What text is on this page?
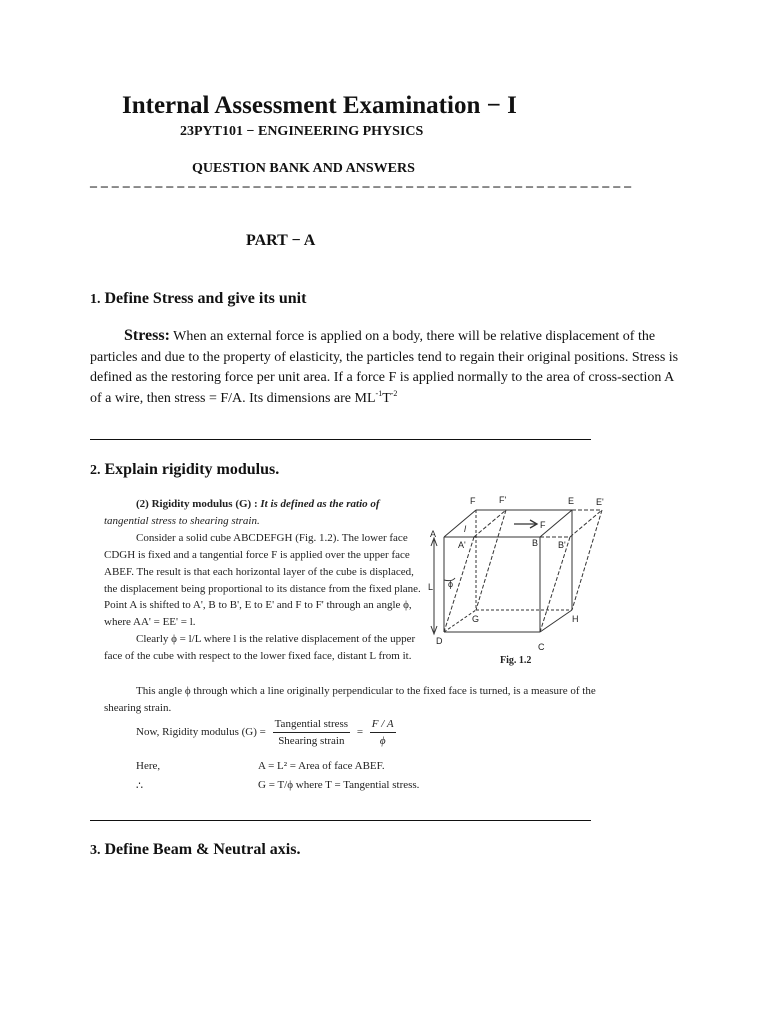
Internal Assessment Examination − I
23PYT101 − ENGINEERING PHYSICS
QUESTION BANK AND ANSWERS
– – – – – – – – – – – – – – – – – – – – – – – – – – – – – – – – – – – – – – – – – – – – – – – – – –
PART − A
1. Define Stress and give its unit
Stress: When an external force is applied on a body, there will be relative displacement of the particles and due to the property of elasticity, the particles tend to regain their original positions. Stress is defined as the restoring force per unit area. If a force F is applied normally to the area of cross-section A of a wire, then stress = F/A. Its dimensions are $ML^{-1}T^{-2}$
2. Explain rigidity modulus.

(2) Rigidity modulus (G) : It is defined as the ratio of tangential stress to shearing strain.

Consider a solid cube ABCDEFGH (Fig. 1.2). The lower face CDGH is fixed and a tangential force F is applied over the upper face ABEF. The result is that each horizontal layer of the cube is displaced, the displacement being proportional to its distance from the fixed plane. Point A is shifted to A', B to B', E to E' and F to F' through an angle ϕ, where AA' = EE' = l.

Clearly ϕ = l/L where l is the relative displacement of the upper face of the cube with respect to the lower fixed face, distant L from it.

This angle ϕ through which a line originally perpendicular to the fixed face is turned, is a measure of the shearing strain.

Now, Rigidity modulus $(G) = \frac{\text{Tangential stress}}{\text{Shearing strain}} = \frac{F / A}{\phi}$
Here,	A = L² = Area of face ABEF.
∴	G = T/ϕ where T = Tangential stress.
F	F'	E E'
A
A'	B B'
l	F
ϕ
L
G	H
D
C
Fig. 1.2
3. Define Beam & Neutral axis.
